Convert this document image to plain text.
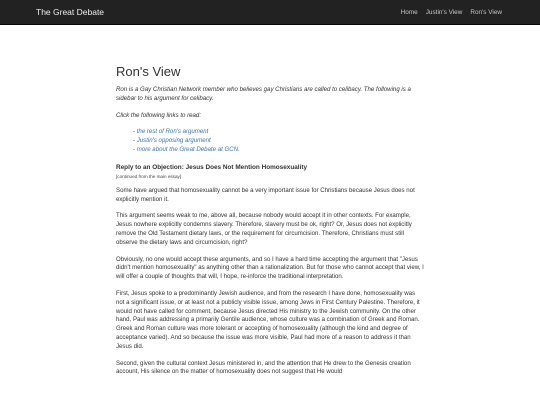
The Great Debate	Home Justin's View Ron's View
Ron's View

Ron is a Gay Christian Network member who believes gay Christians are called to celibacy. The following is a sidebar to his argument for celibacy.

Click the following links to read:

- the rest of Ron's argument
- Justin's opposing argument
- more about the Great Debate at GCN.
Reply to an Objection: Jesus Does Not Mention Homosexuality

[continued from the main essay]

Some have argued that homosexuality cannot be a very important issue for Christians because Jesus does not explicitly mention it.

This argument seems weak to me, above all, because nobody would accept it in other contexts. For example, Jesus nowhere explicitly condemns slavery. Therefore, slavery must be ok, right? Or, Jesus does not explicitly remove the Old Testament dietary laws, or the requirement for circumcision. Therefore, Christians must still observe the dietary laws and circumcision, right?

Obviously, no one would accept these arguments, and so I have a hard time accepting the argument that "Jesus didn't mention homosexuality" as anything other than a rationalization. But for those who cannot accept that view, I will offer a couple of thoughts that will, I hope, re-inforce the traditional interpretation.

First, Jesus spoke to a predominantly Jewish audience, and from the research I have done, homosexuality was not a significant issue, or at least not a publicly visible issue, among Jews in First Century Palestine. Therefore, it would not have called for comment, because Jesus directed His ministry to the Jewish community. On the other hand, Paul was addressing a primarily Gentile audience, whose culture was a combination of Greek and Roman. Greek and Roman culture was more tolerant or accepting of homosexuality (although the kind and degree of acceptance varied). And so because the issue was more visible, Paul had more of a reason to address it than Jesus did.

Second, given the cultural context Jesus ministered in, and the attention that He drew to the Genesis creation account, His silence on the matter of homosexuality does not suggest that He would
